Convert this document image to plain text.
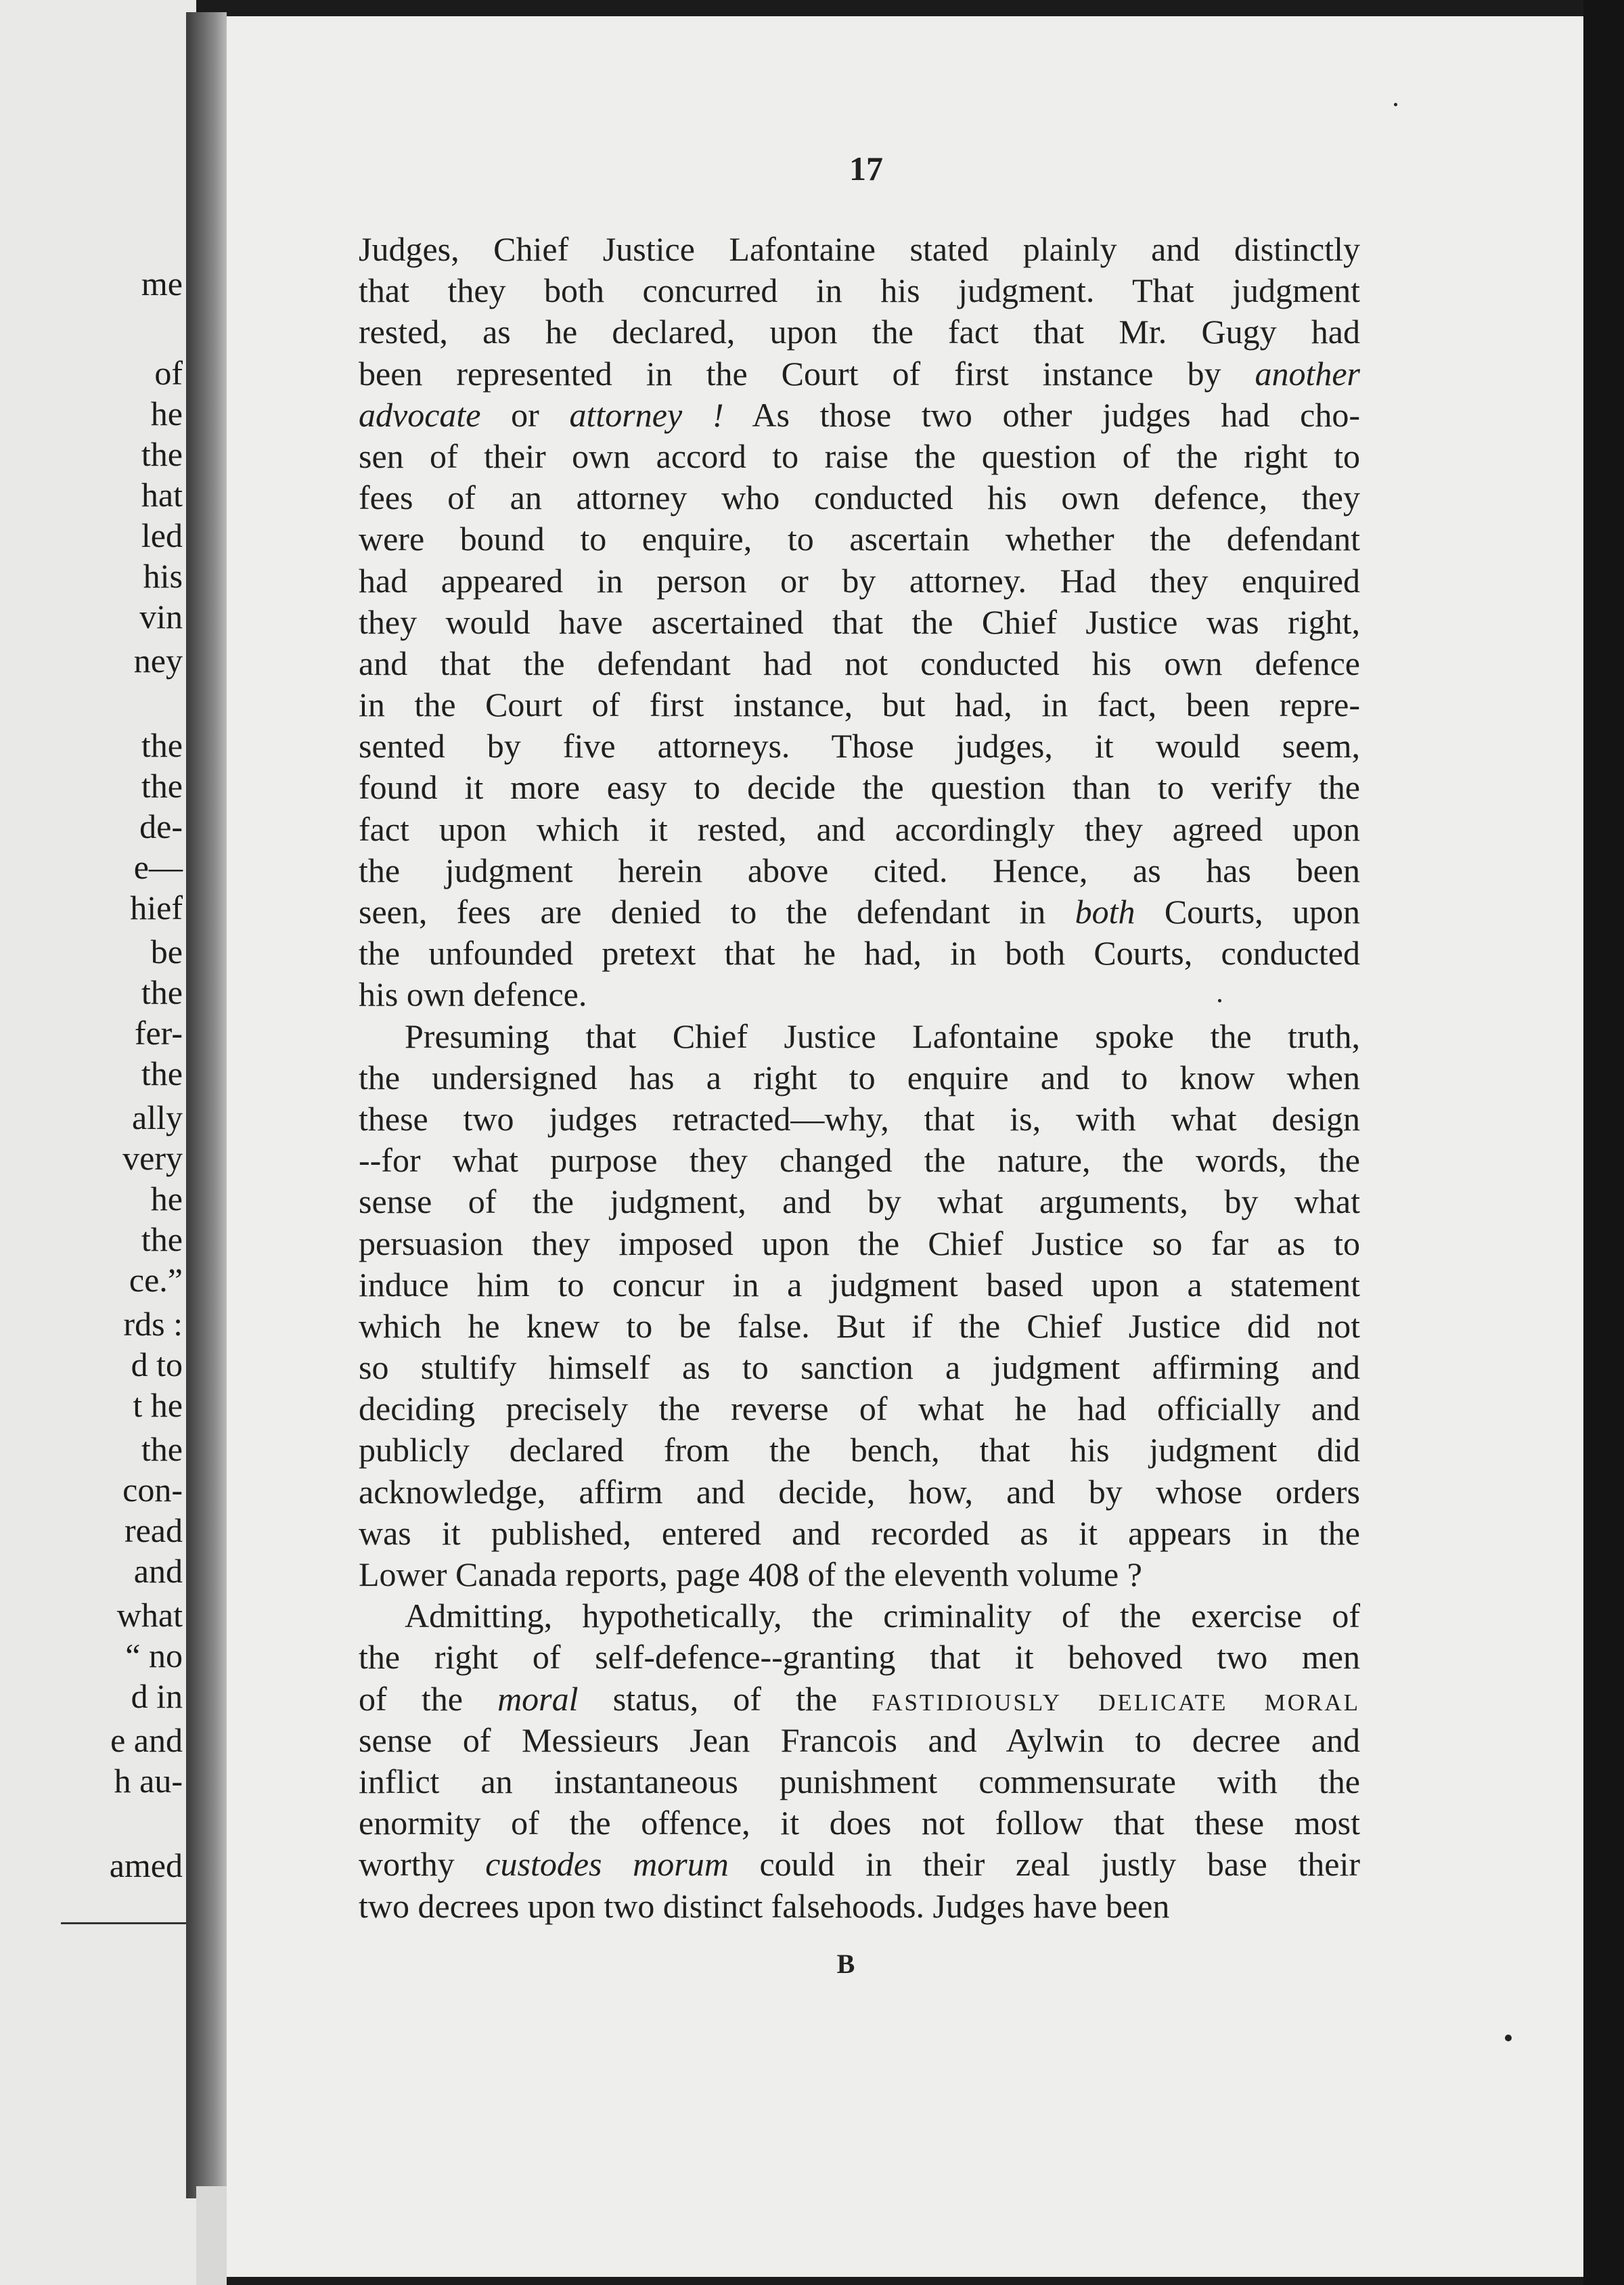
me
of
he
the
hat
led
his
vin
ney
the
the
de-
e—
hief
be
the
fer-
the
ally
very
he
the
ce.”
rds :
d to
t he
the
con-
read
and
what
“ no
d in
e and
h au-
amed
17
Judges, Chief Justice Lafontaine stated plainly and distinctly
that they both concurred in his judgment. That judgment
rested, as he declared, upon the fact that Mr. Gugy had
been represented in the Court of first instance by another
advocate or attorney ! As those two other judges had cho-
sen of their own accord to raise the question of the right to
fees of an attorney who conducted his own defence, they
were bound to enquire, to ascertain whether the defendant
had appeared in person or by attorney. Had they enquired
they would have ascertained that the Chief Justice was right,
and that the defendant had not conducted his own defence
in the Court of first instance, but had, in fact, been repre-
sented by five attorneys. Those judges, it would seem,
found it more easy to decide the question than to verify the
fact upon which it rested, and accordingly they agreed upon
the judgment herein above cited. Hence, as has been
seen, fees are denied to the defendant in both Courts, upon
the unfounded pretext that he had, in both Courts, conducted
his own defence.
Presuming that Chief Justice Lafontaine spoke the truth,
the undersigned has a right to enquire and to know when
these two judges retracted—why, that is, with what design
--for what purpose they changed the nature, the words, the
sense of the judgment, and by what arguments, by what
persuasion they imposed upon the Chief Justice so far as to
induce him to concur in a judgment based upon a statement
which he knew to be false. But if the Chief Justice did not
so stultify himself as to sanction a judgment affirming and
deciding precisely the reverse of what he had officially and
publicly declared from the bench, that his judgment did
acknowledge, affirm and decide, how, and by whose orders
was it published, entered and recorded as it appears in the
Lower Canada reports, page 408 of the eleventh volume ?
Admitting, hypothetically, the criminality of the exercise of
the right of self-defence--granting that it behoved two men
of the moral status, of the fastidiously delicate moral
sense of Messieurs Jean Francois and Aylwin to decree and
inflict an instantaneous punishment commensurate with the
enormity of the offence, it does not follow that these most
worthy custodes morum could in their zeal justly base their
two decrees upon two distinct falsehoods. Judges have been
B
